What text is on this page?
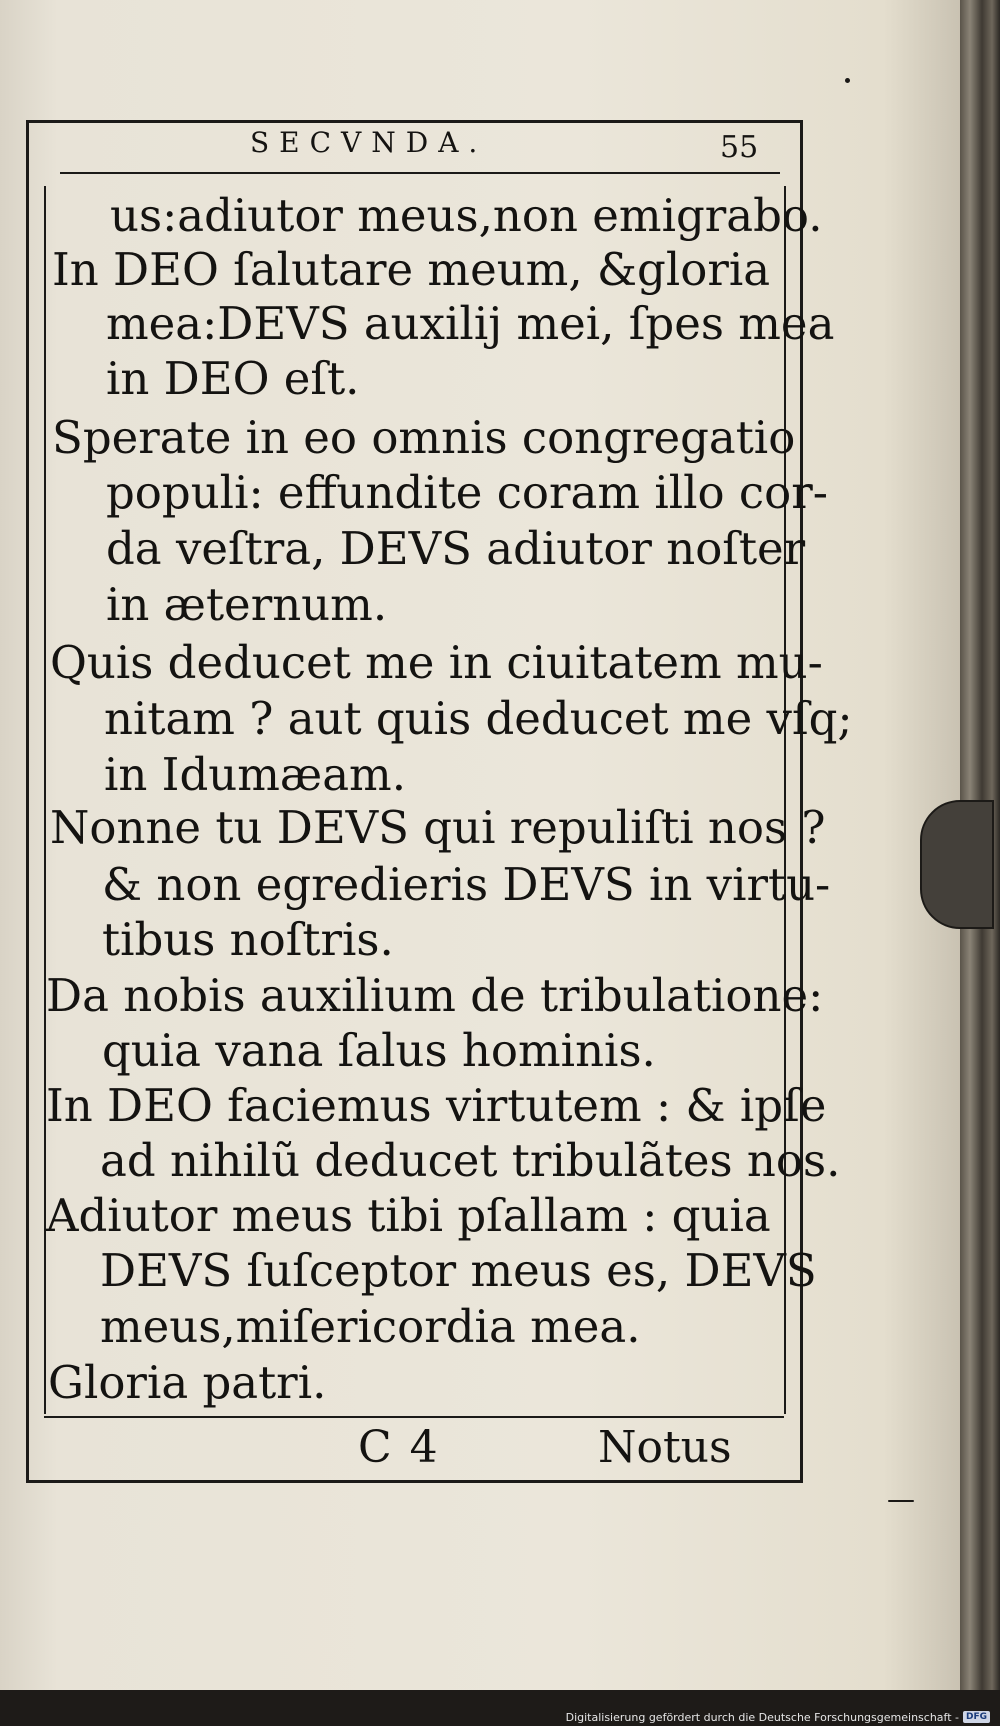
SECVNDA.	55
us:adiutor meus,non emigrabo.
In DEO ſalutare meum, &gloria
mea:DEVS auxilij mei, ſpes mea
in DEO eſt.
Sperate in eo omnis congregatio
populi: effundite coram illo cor-
da veſtra, DEVS adiutor noſter
in æternum.
Quis deducet me in ciuitatem mu-
nitam ? aut quis deducet me vſq;
in Idumæam.
Nonne tu DEVS qui repuliſti nos ?
& non egredieris DEVS in virtu-
tibus noſtris.
Da nobis auxilium de tribulatione:
quia vana ſalus hominis.
In DEO faciemus virtutem : & ipſe
ad nihilũ deducet tribulãtes nos.
Adiutor meus tibi pſallam : quia
DEVS ſuſceptor meus es, DEVS
meus,miſericordia mea.
Gloria patri.
C 4	Notus
Digitalisierung gefördert durch die Deutsche Forschungsgemeinschaft - DFG
